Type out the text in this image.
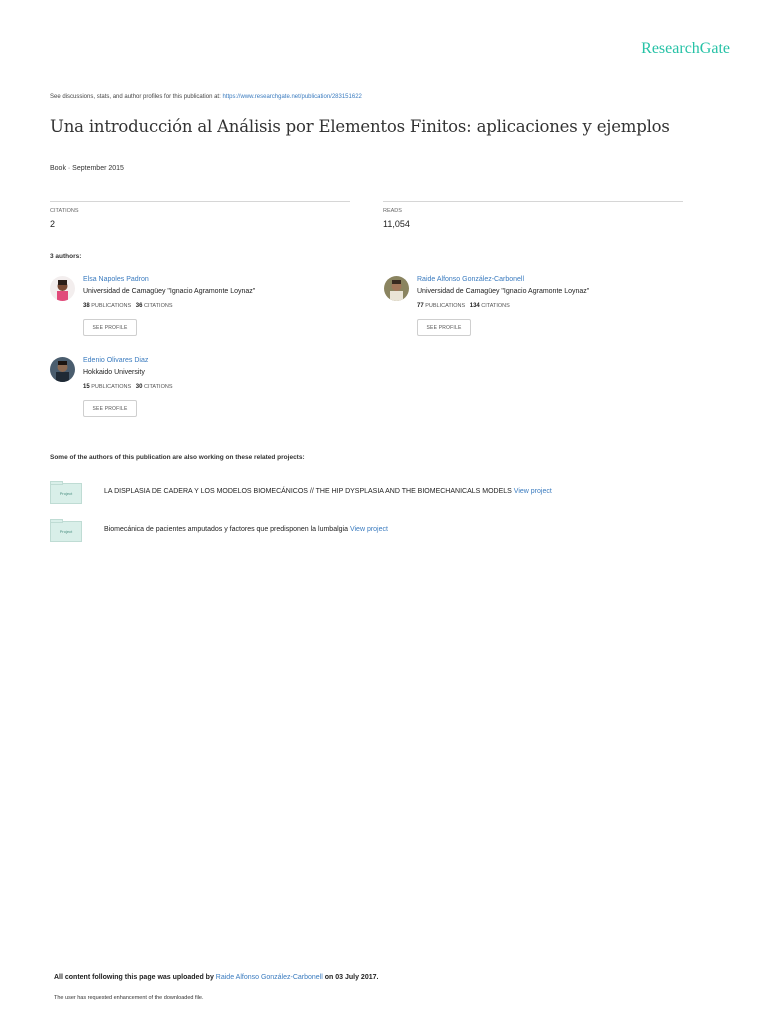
ResearchGate
See discussions, stats, and author profiles for this publication at: https://www.researchgate.net/publication/283151622
Una introducción al Análisis por Elementos Finitos: aplicaciones y ejemplos
Book · September 2015
CITATIONS
2
READS
11,054
3 authors:
Elsa Napoles Padron
Universidad de Camagüey "Ignacio Agramonte Loynaz"
38 PUBLICATIONS 36 CITATIONS
SEE PROFILE
Raide Alfonso González-Carbonell
Universidad de Camagüey "Ignacio Agramonte Loynaz"
77 PUBLICATIONS 134 CITATIONS
SEE PROFILE
Edenio Olivares Diaz
Hokkaido University
15 PUBLICATIONS 30 CITATIONS
SEE PROFILE
Some of the authors of this publication are also working on these related projects:
Project	LA DISPLASIA DE CADERA Y LOS MODELOS BIOMECÁNICOS // THE HIP DYSPLASIA AND THE BIOMECHANICALS MODELS View project
Project	Biomecánica de pacientes amputados y factores que predisponen la lumbalgia View project
All content following this page was uploaded by Raide Alfonso González-Carbonell on 03 July 2017.
The user has requested enhancement of the downloaded file.
